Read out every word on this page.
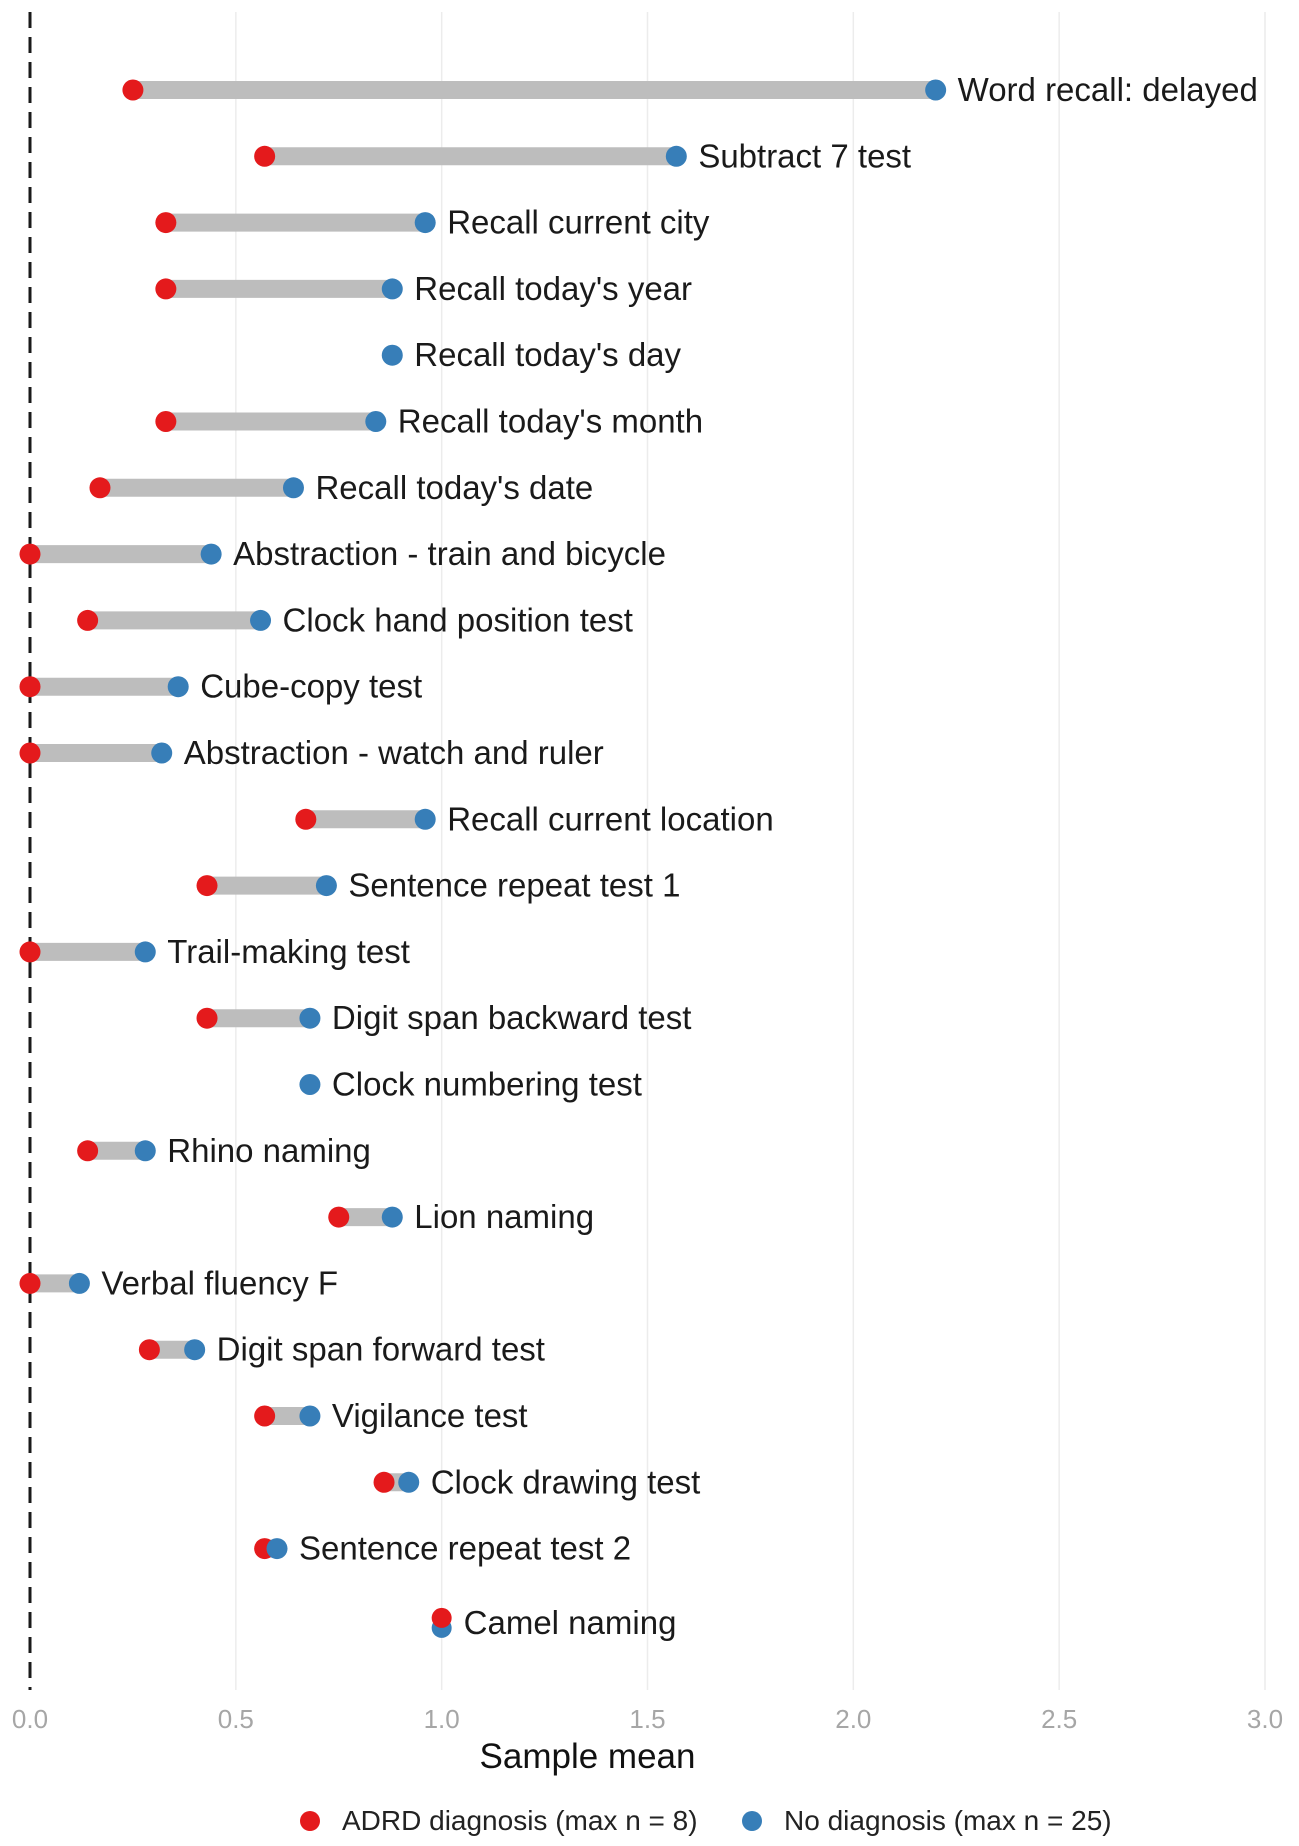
0.0	0.5	1.0	1.5	2.0	2.5	3.0
Word recall: delayed
Subtract 7 test
Recall current city
Recall today's year
Recall today's day
Recall today's month
Recall today's date
Abstraction - train and bicycle
Clock hand position test
Cube-copy test
Abstraction - watch and ruler
Recall current location
Sentence repeat test 1
Trail-making test
Digit span backward test
Clock numbering test
Rhino naming
Lion naming
Verbal fluency F
Digit span forward test
Vigilance test
Clock drawing test
Sentence repeat test 2
Camel naming
Sample mean
ADRD diagnosis (max n = 8)	No diagnosis (max n = 25)
